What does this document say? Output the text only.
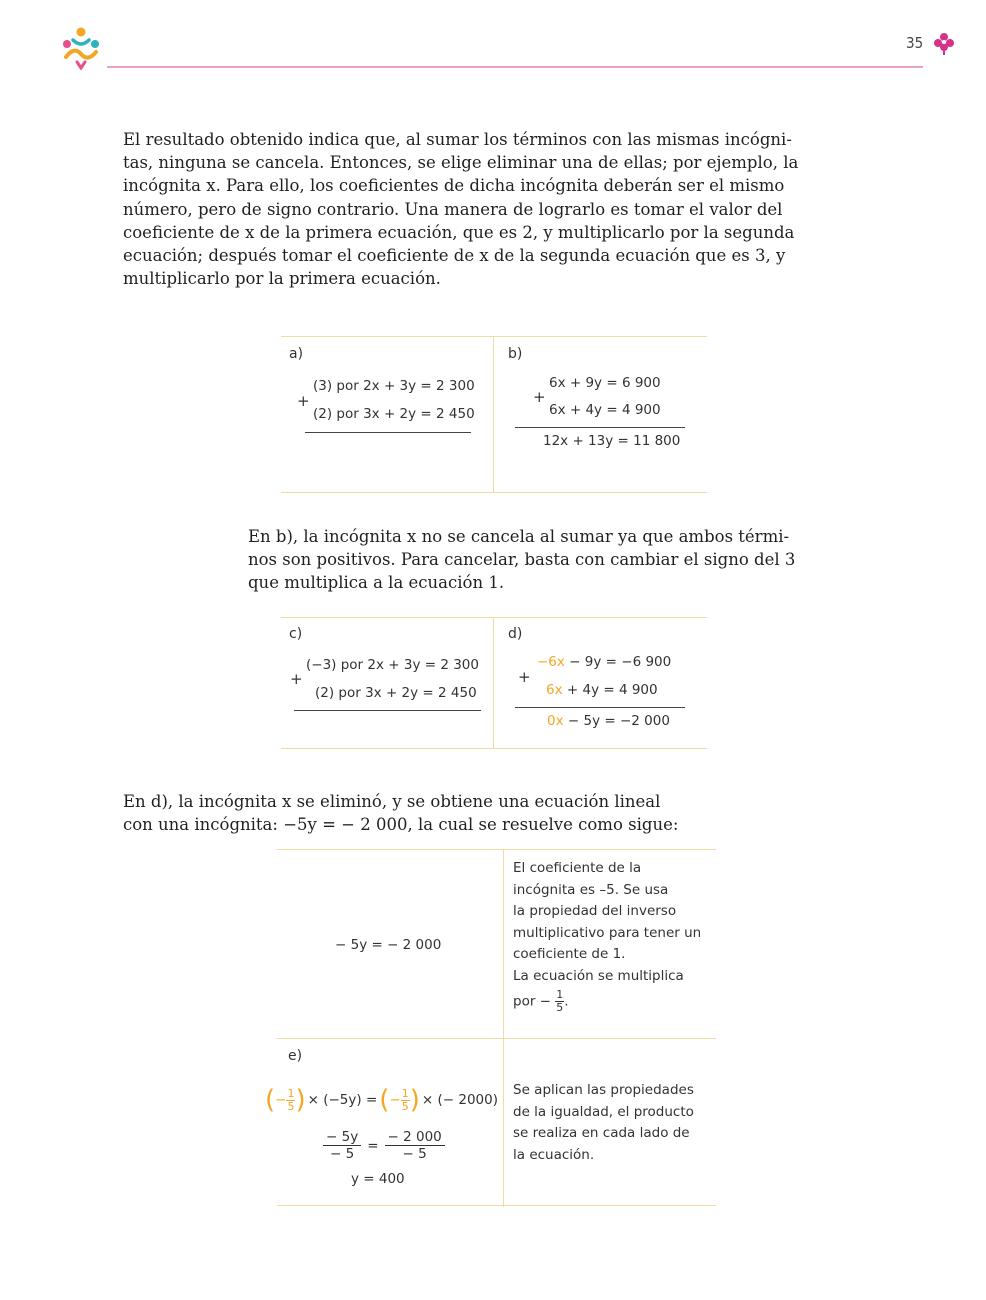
35
El resultado obtenido indica que, al sumar los términos con las mismas incógni-
tas, ninguna se cancela. Entonces, se elige eliminar una de ellas; por ejemplo, la
incógnita x. Para ello, los coeficientes de dicha incógnita deberán ser el mismo
número, pero de signo contrario. Una manera de lograrlo es tomar el valor del
coeficiente de x de la primera ecuación, que es 2, y multiplicarlo por la segunda
ecuación; después tomar el coeficiente de x de la segunda ecuación que es 3, y
multiplicarlo por la primera ecuación.
a)
+
(3) por 2x + 3y = 2 300
(2) por 3x + 2y = 2 450
b)
+
6x + 9y = 6 900
6x + 4y = 4 900
12x + 13y = 11 800
En b), la incógnita x no se cancela al sumar ya que ambos térmi-
nos son positivos. Para cancelar, basta con cambiar el signo del 3
que multiplica a la ecuación 1.
c)
+
(−3) por 2x + 3y = 2 300
(2) por 3x + 2y = 2 450
d)
+
−6x − 9y = −6 900
6x + 4y = 4 900
0x − 5y = −2 000
En d), la incógnita x se eliminó, y se obtiene una ecuación lineal
con una incógnita: −5y = − 2 000, la cual se resuelve como sigue:
− 5y = − 2 000
El coeficiente de la
incógnita es –5. Se usa
la propiedad del inverso
multiplicativo para tener un
coeficiente de 1.
La ecuación se multiplica
por − $\frac{1}{5}$ .
e)
( − $\frac{1}{5}$ ) × (−5y) = ( − $\frac{1}{5}$ ) × (− 2000)
$\frac{- 5y}{- 5} = \frac{- 2 000}{- 5}$
y = 400
Se aplican las propiedades
de la igualdad, el producto
se realiza en cada lado de
la ecuación.
